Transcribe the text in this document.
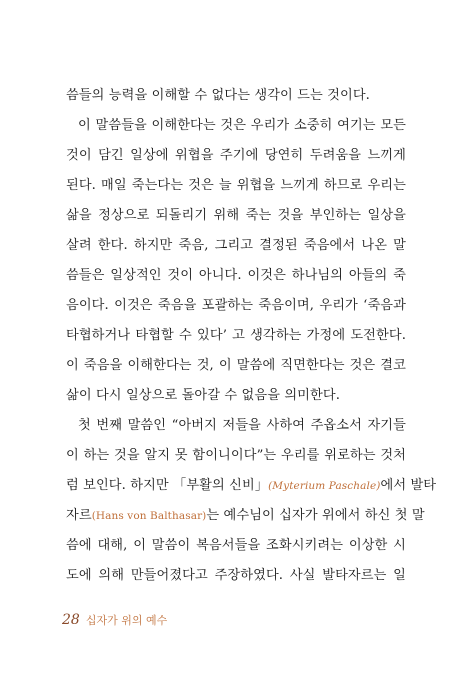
씀들의 능력을 이해할 수 없다는 생각이 드는 것이다.
이 말씀들을 이해한다는 것은 우리가 소중히 여기는 모든
것이 담긴 일상에 위협을 주기에 당연히 두려움을 느끼게
된다. 매일 죽는다는 것은 늘 위협을 느끼게 하므로 우리는
삶을 정상으로 되돌리기 위해 죽는 것을 부인하는 일상을
살려 한다. 하지만 죽음, 그리고 결정된 죽음에서 나온 말
씀들은 일상적인 것이 아니다. 이것은 하나님의 아들의 죽
음이다. 이것은 죽음을 포괄하는 죽음이며, 우리가 ‘죽음과
타협하거나 타협할 수 있다’ 고 생각하는 가정에 도전한다.
이 죽음을 이해한다는 것, 이 말씀에 직면한다는 것은 결코
삶이 다시 일상으로 돌아갈 수 없음을 의미한다.
첫 번째 말씀인 “아버지 저들을 사하여 주옵소서 자기들
이 하는 것을 알지 못 함이니이다”는 우리를 위로하는 것처
럼 보인다. 하지만 「부활의 신비」(Myterium Paschale)에서 발타
자르(Hans von Balthasar)는 예수님이 십자가 위에서 하신 첫 말
씀에 대해, 이 말씀이 복음서들을 조화시키려는 이상한 시
도에 의해 만들어졌다고 주장하였다. 사실 발타자르는 일
28 십자가 위의 예수
